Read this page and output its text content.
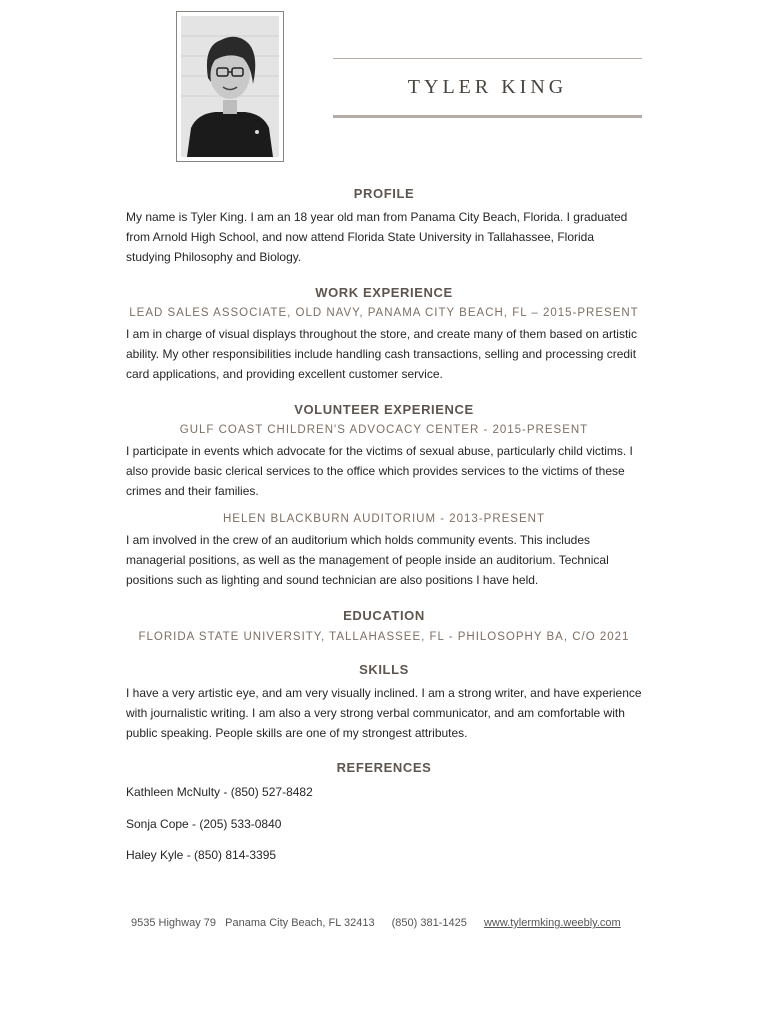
TYLER KING
PROFILE
My name is Tyler King. I am an 18 year old man from Panama City Beach, Florida. I graduated from Arnold High School, and now attend Florida State University in Tallahassee, Florida studying Philosophy and Biology.
WORK EXPERIENCE
LEAD SALES ASSOCIATE, OLD NAVY, PANAMA CITY BEACH, FL – 2015-PRESENT
I am in charge of visual displays throughout the store, and create many of them based on artistic ability. My other responsibilities include handling cash transactions, selling and processing credit card applications, and providing excellent customer service.
VOLUNTEER EXPERIENCE
GULF COAST CHILDREN'S ADVOCACY CENTER - 2015-PRESENT
I participate in events which advocate for the victims of sexual abuse, particularly child victims. I also provide basic clerical services to the office which provides services to the victims of these crimes and their families.
HELEN BLACKBURN AUDITORIUM - 2013-PRESENT
I am involved in the crew of an auditorium which holds community events. This includes managerial positions, as well as the management of people inside an auditorium. Technical positions such as lighting and sound technician are also positions I have held.
EDUCATION
FLORIDA STATE UNIVERSITY, TALLAHASSEE, FL - PHILOSOPHY BA, C/O 2021
SKILLS
I have a very artistic eye, and am very visually inclined. I am a strong writer, and have experience with journalistic writing. I am also a very strong verbal communicator, and am comfortable with public speaking. People skills are one of my strongest attributes.
REFERENCES
Kathleen McNulty - (850) 527-8482
Sonja Cope - (205) 533-0840
Haley Kyle - (850) 814-3395
9535 Highway 79   Panama City Beach, FL 32413 (850) 381-1425 www.tylermking.weebly.com
